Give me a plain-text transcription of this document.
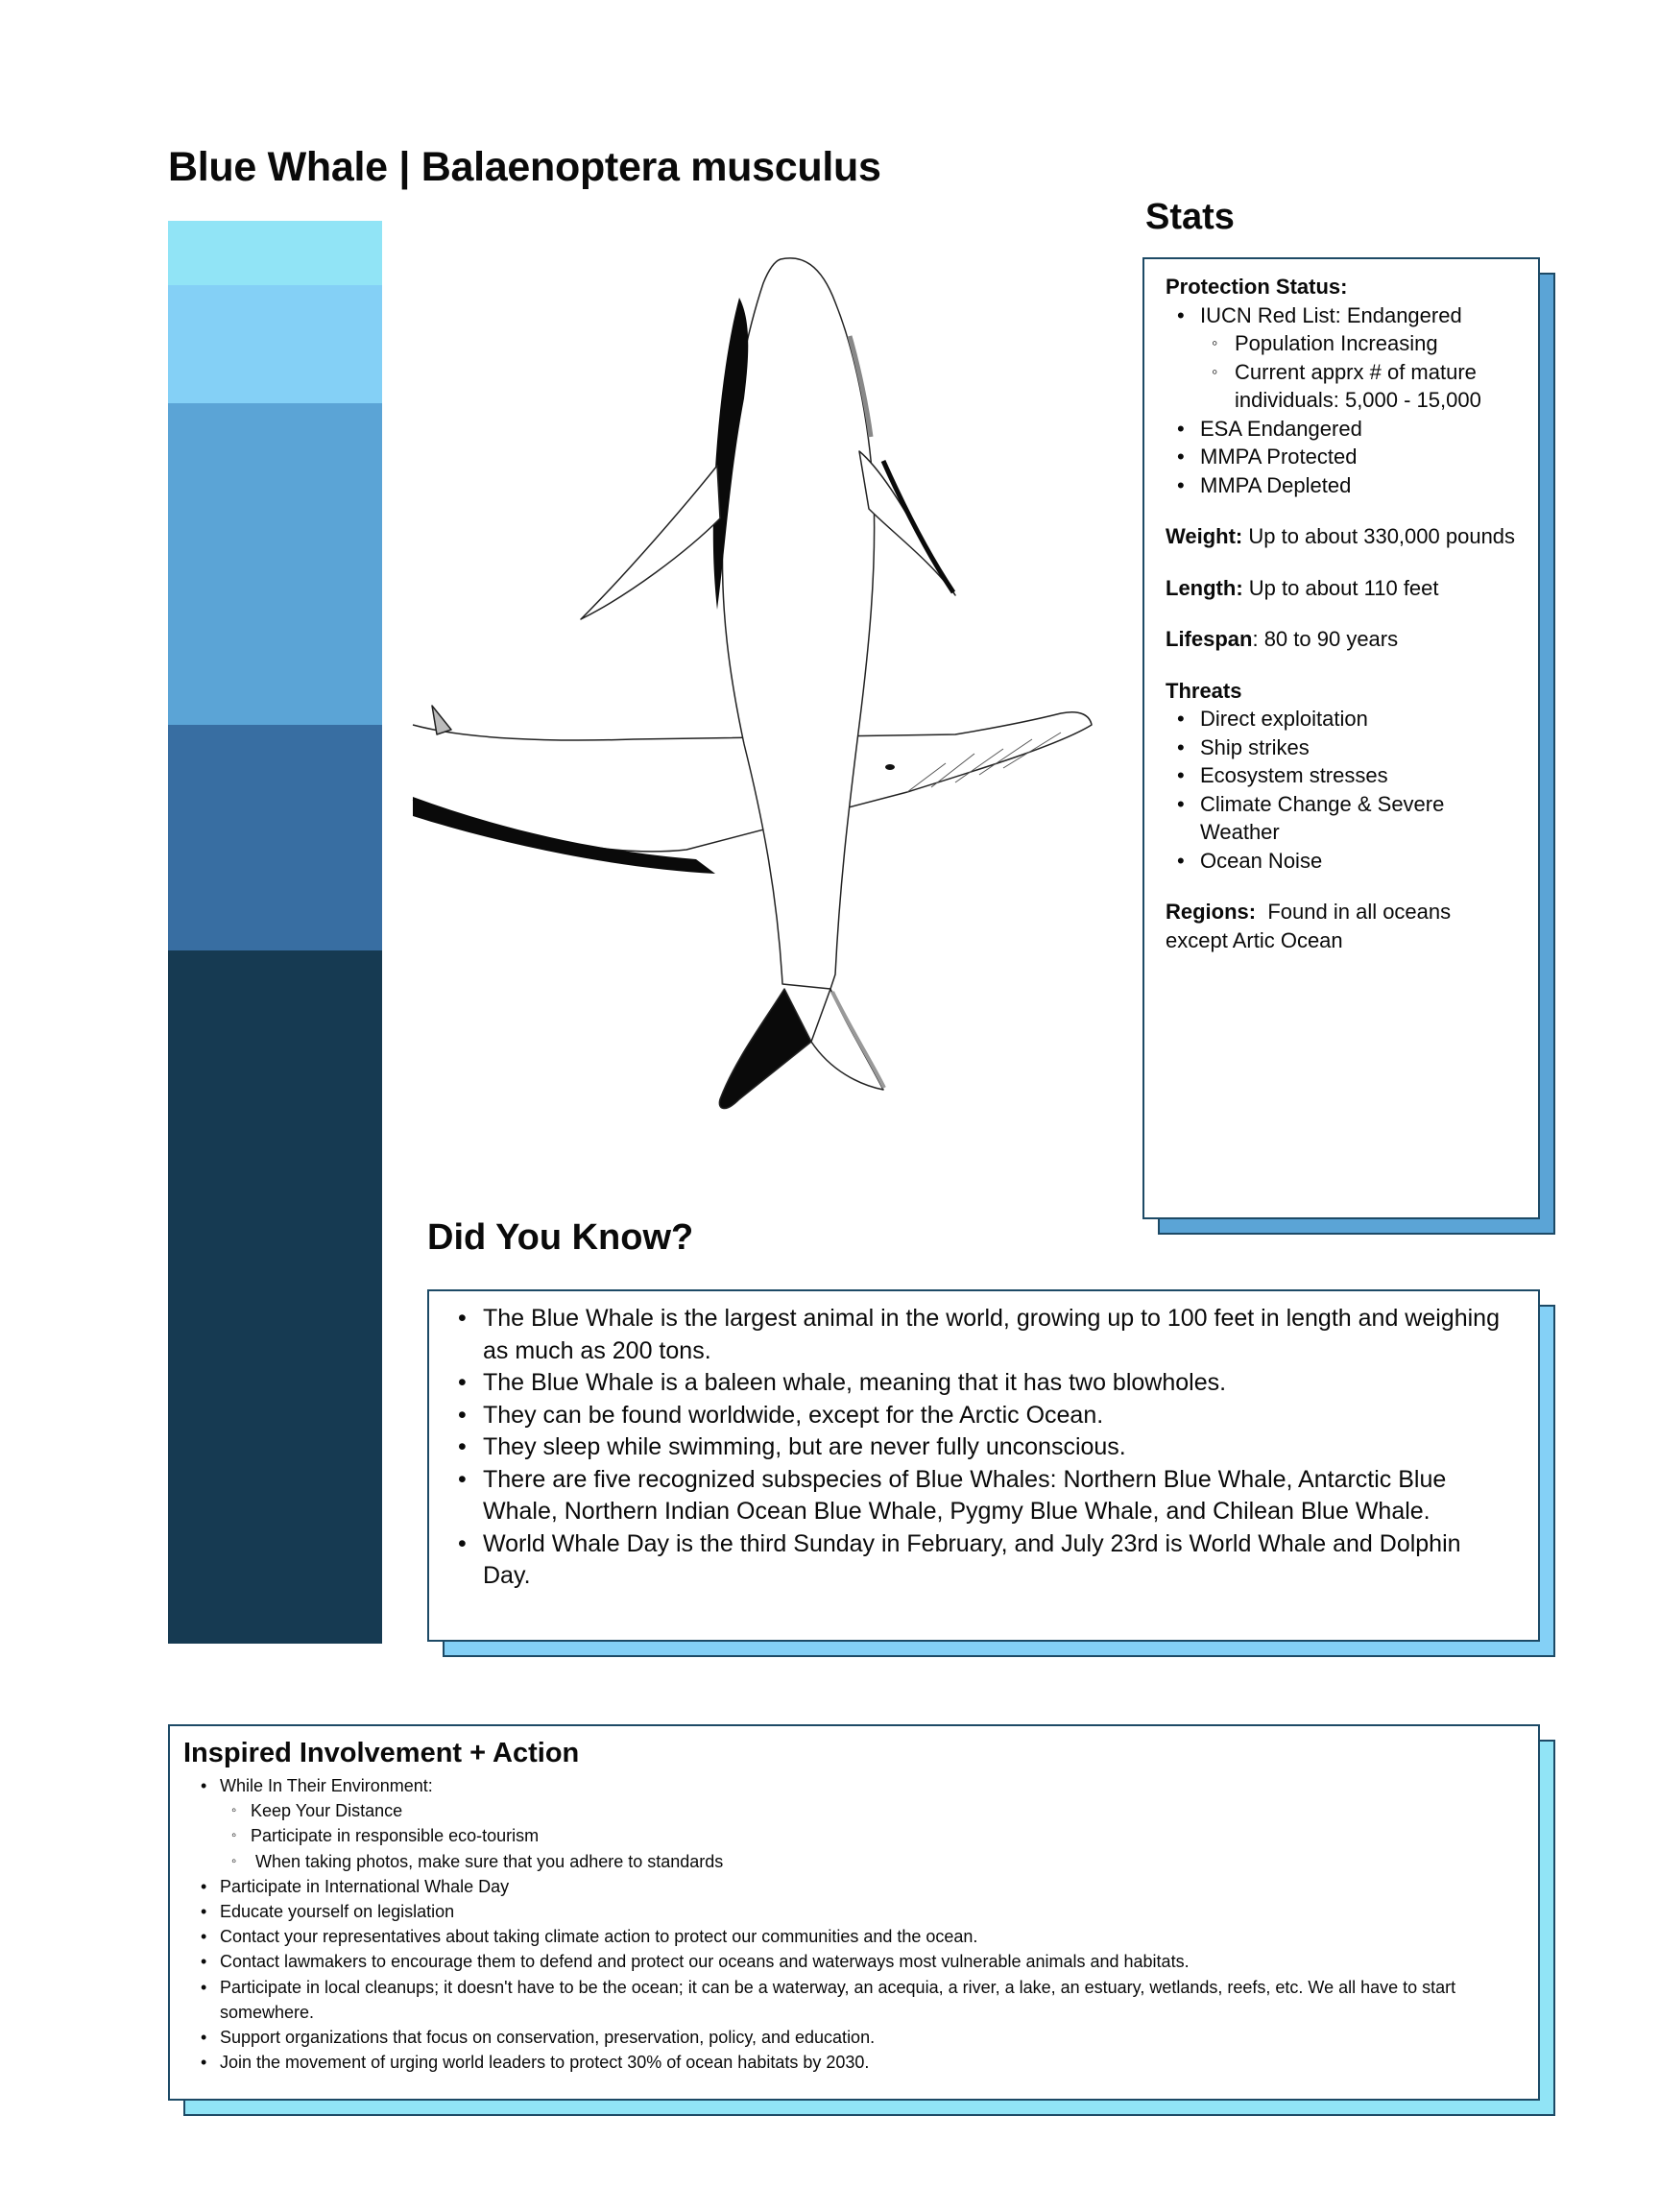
Blue Whale | Balaenoptera musculus
Stats
Protection Status:
• IUCN Red List: Endangered
◦ Population Increasing
◦ Current apprx # of mature individuals: 5,000 - 15,000
• ESA Endangered
• MMPA Protected
• MMPA Depleted
Weight: Up to about 330,000 pounds
Length: Up to about 110 feet
Lifespan: 80 to 90 years
Threats
• Direct exploitation
• Ship strikes
• Ecosystem stresses
• Climate Change & Severe Weather
• Ocean Noise
Regions:  Found in all oceans except Artic Ocean
Did You Know?
• The Blue Whale is the largest animal in the world, growing up to 100 feet in length and weighing as much as 200 tons.
• The Blue Whale is a baleen whale, meaning that it has two blowholes.
• They can be found worldwide, except for the Arctic Ocean.
• They sleep while swimming, but are never fully unconscious.
• There are five recognized subspecies of Blue Whales: Northern Blue Whale, Antarctic Blue Whale, Northern Indian Ocean Blue Whale, Pygmy Blue Whale, and Chilean Blue Whale.
• World Whale Day is the third Sunday in February, and July 23rd is World Whale and Dolphin Day.
Inspired Involvement + Action
• While In Their Environment:
◦ Keep Your Distance
◦ Participate in responsible eco-tourism
◦  When taking photos, make sure that you adhere to standards
• Participate in International Whale Day
• Educate yourself on legislation
• Contact your representatives about taking climate action to protect our communities and the ocean.
• Contact lawmakers to encourage them to defend and protect our oceans and waterways most vulnerable animals and habitats.
• Participate in local cleanups; it doesn't have to be the ocean; it can be a waterway, an acequia, a river, a lake, an estuary, wetlands, reefs, etc. We all have to start somewhere.
• Support organizations that focus on conservation, preservation, policy, and education.
• Join the movement of urging world leaders to protect 30% of ocean habitats by 2030.
